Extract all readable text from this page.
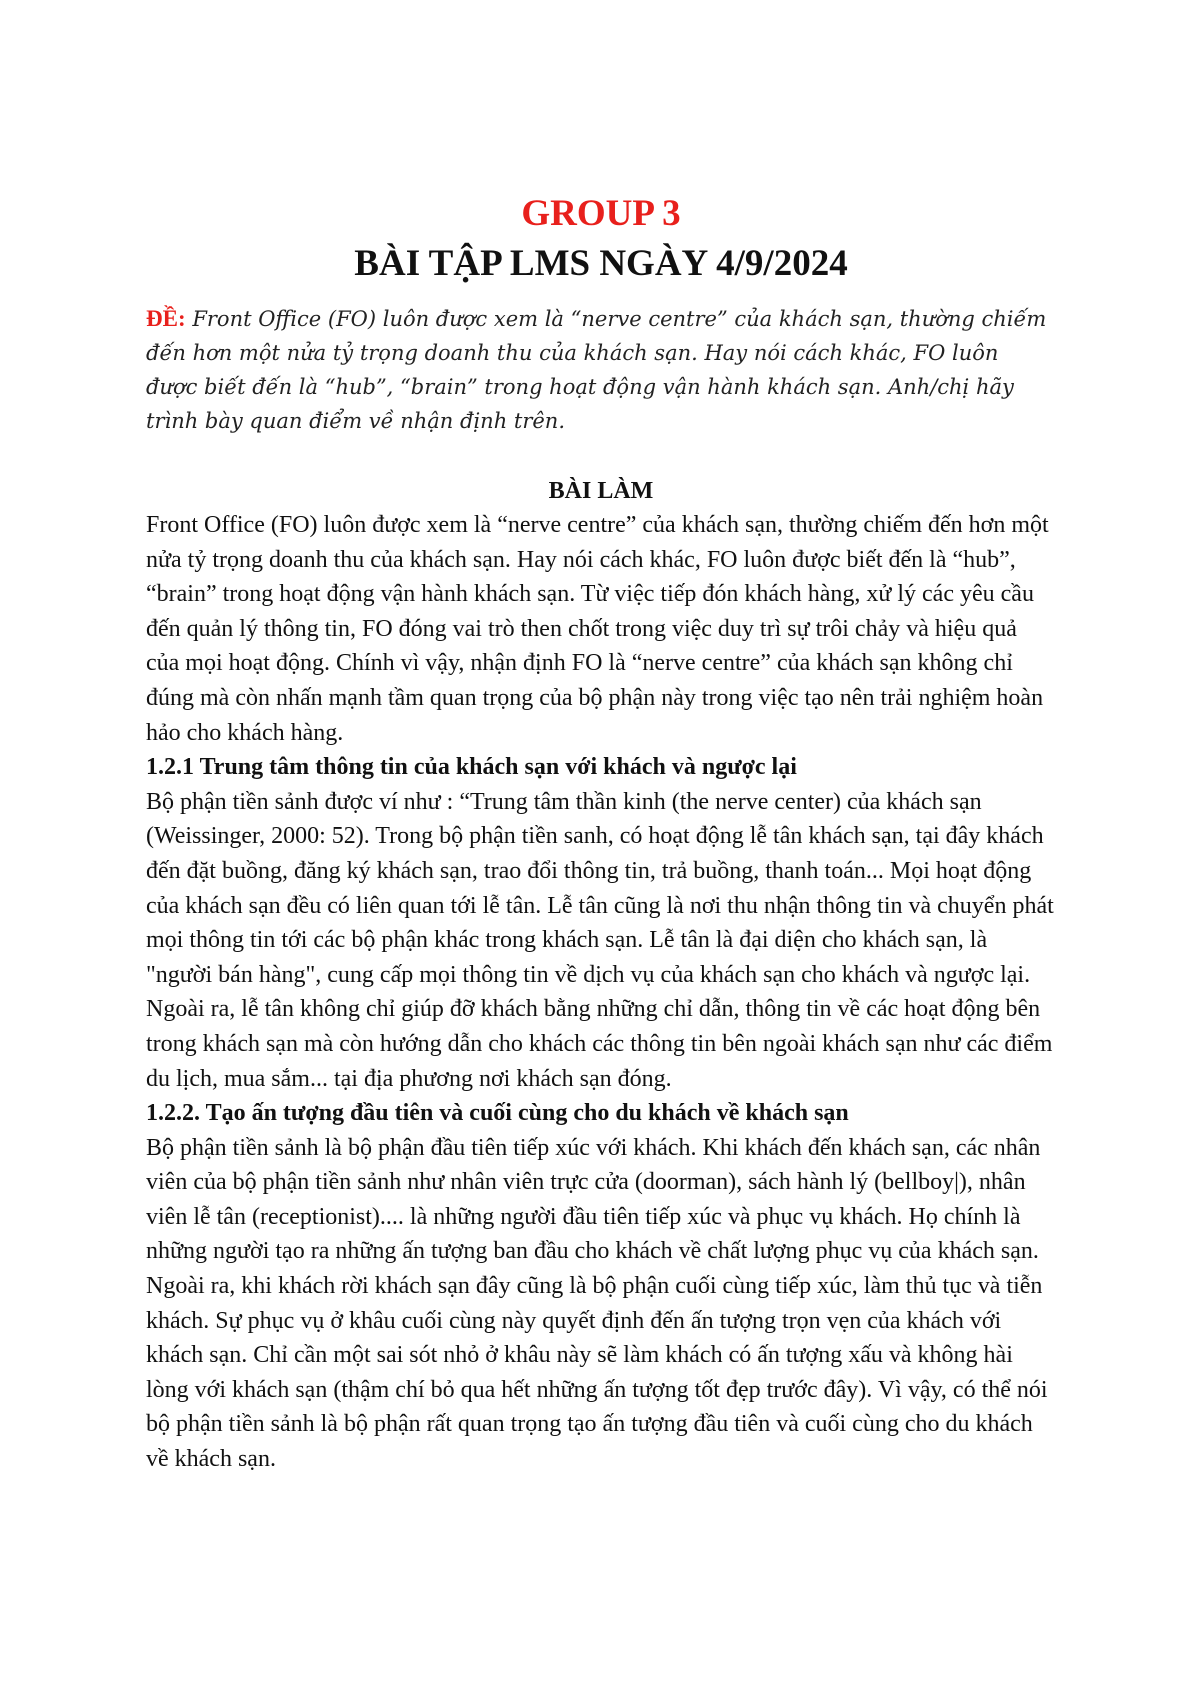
GROUP 3
BÀI TẬP LMS NGÀY 4/9/2024

ĐỀ: Front Office (FO) luôn được xem là “nerve centre” của khách sạn, thường chiếm đến hơn một nửa tỷ trọng doanh thu của khách sạn. Hay nói cách khác, FO luôn được biết đến là “hub”, “brain” trong hoạt động vận hành khách sạn. Anh/chị hãy trình bày quan điểm về nhận định trên.

BÀI LÀM

Front Office (FO) luôn được xem là “nerve centre” của khách sạn, thường chiếm đến hơn một nửa tỷ trọng doanh thu của khách sạn. Hay nói cách khác, FO luôn được biết đến là “hub”, “brain” trong hoạt động vận hành khách sạn. Từ việc tiếp đón khách hàng, xử lý các yêu cầu đến quản lý thông tin, FO đóng vai trò then chốt trong việc duy trì sự trôi chảy và hiệu quả của mọi hoạt động. Chính vì vậy, nhận định FO là “nerve centre” của khách sạn không chỉ đúng mà còn nhấn mạnh tầm quan trọng của bộ phận này trong việc tạo nên trải nghiệm hoàn hảo cho khách hàng.

1.2.1 Trung tâm thông tin của khách sạn với khách và ngược lại

Bộ phận tiền sảnh được ví như : “Trung tâm thần kinh (the nerve center) của khách sạn (Weissinger, 2000: 52). Trong bộ phận tiền sanh, có hoạt động lễ tân khách sạn, tại đây khách đến đặt buồng, đăng ký khách sạn, trao đổi thông tin, trả buồng, thanh toán... Mọi hoạt động của khách sạn đều có liên quan tới lễ tân. Lễ tân cũng là nơi thu nhận thông tin và chuyển phát mọi thông tin tới các bộ phận khác trong khách sạn. Lễ tân là đại diện cho khách sạn, là "người bán hàng", cung cấp mọi thông tin về dịch vụ của khách sạn cho khách và ngược lại. Ngoài ra, lễ tân không chỉ giúp đỡ khách bằng những chỉ dẫn, thông tin về các hoạt động bên trong khách sạn mà còn hướng dẫn cho khách các thông tin bên ngoài khách sạn như các điểm du lịch, mua sắm... tại địa phương nơi khách sạn đóng.

1.2.2. Tạo ấn tượng đầu tiên và cuối cùng cho du khách về khách sạn

Bộ phận tiền sảnh là bộ phận đầu tiên tiếp xúc với khách. Khi khách đến khách sạn, các nhân viên của bộ phận tiền sảnh như nhân viên trực cửa (doorman), sách hành lý (bellboy|), nhân viên lễ tân (receptionist).... là những người đầu tiên tiếp xúc và phục vụ khách. Họ chính là những người tạo ra những ấn tượng ban đầu cho khách về chất lượng phục vụ của khách sạn. Ngoài ra, khi khách rời khách sạn đây cũng là bộ phận cuối cùng tiếp xúc, làm thủ tục và tiễn khách. Sự phục vụ ở khâu cuối cùng này quyết định đến ấn tượng trọn vẹn của khách với khách sạn. Chỉ cần một sai sót nhỏ ở khâu này sẽ làm khách có ấn tượng xấu và không hài lòng với khách sạn (thậm chí bỏ qua hết những ấn tượng tốt đẹp trước đây). Vì vậy, có thể nói bộ phận tiền sảnh là bộ phận rất quan trọng tạo ấn tượng đầu tiên và cuối cùng cho du khách về khách sạn.
